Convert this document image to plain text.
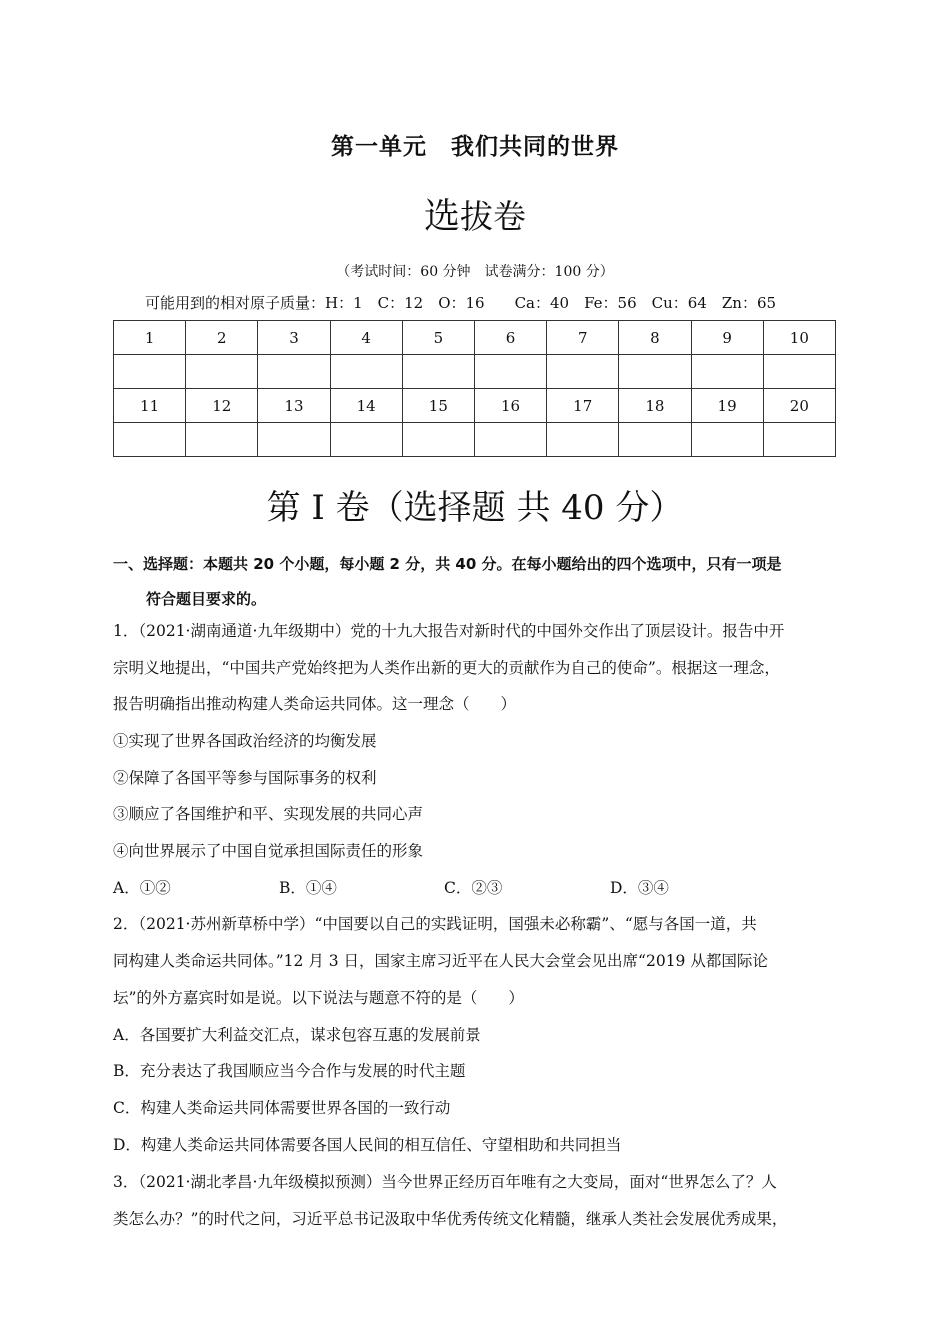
第一单元　我们共同的世界
选拔卷
（考试时间：60 分钟　试卷满分：100 分）
可能用到的相对原子质量：H：1　C：12　O：16　　Ca：40　Fe：56　Cu：64　Zn：65
1	2	3	4	5	6	7	8	9	10

11	12	13	14	15	16	17	18	19	20

第 I 卷（选择题 共 40 分）
一、选择题：本题共 20 个小题，每小题 2 分，共 40 分。在每小题给出的四个选项中，只有一项是
符合题目要求的。
1．（2021·湖南通道·九年级期中）党的十九大报告对新时代的中国外交作出了顶层设计。报告中开
宗明义地提出，“中国共产党始终把为人类作出新的更大的贡献作为自己的使命”。根据这一理念，
报告明确指出推动构建人类命运共同体。这一理念（　　）
①实现了世界各国政治经济的均衡发展
②保障了各国平等参与国际事务的权利
③顺应了各国维护和平、实现发展的共同心声
④向世界展示了中国自觉承担国际责任的形象
A．①②	B．①④	C．②③	D．③④
2．（2021·苏州新草桥中学）“中国要以自己的实践证明，国强未必称霸”、“愿与各国一道，共
同构建人类命运共同体。”12 月 3 日，国家主席习近平在人民大会堂会见出席“2019 从都国际论
坛”的外方嘉宾时如是说。以下说法与题意不符的是（　　）
A．各国要扩大利益交汇点，谋求包容互惠的发展前景
B．充分表达了我国顺应当今合作与发展的时代主题
C．构建人类命运共同体需要世界各国的一致行动
D．构建人类命运共同体需要各国人民间的相互信任、守望相助和共同担当
3．（2021·湖北孝昌·九年级模拟预测）当今世界正经历百年唯有之大变局，面对“世界怎么了？人
类怎么办？”的时代之问，习近平总书记汲取中华优秀传统文化精髓，继承人类社会发展优秀成果，
